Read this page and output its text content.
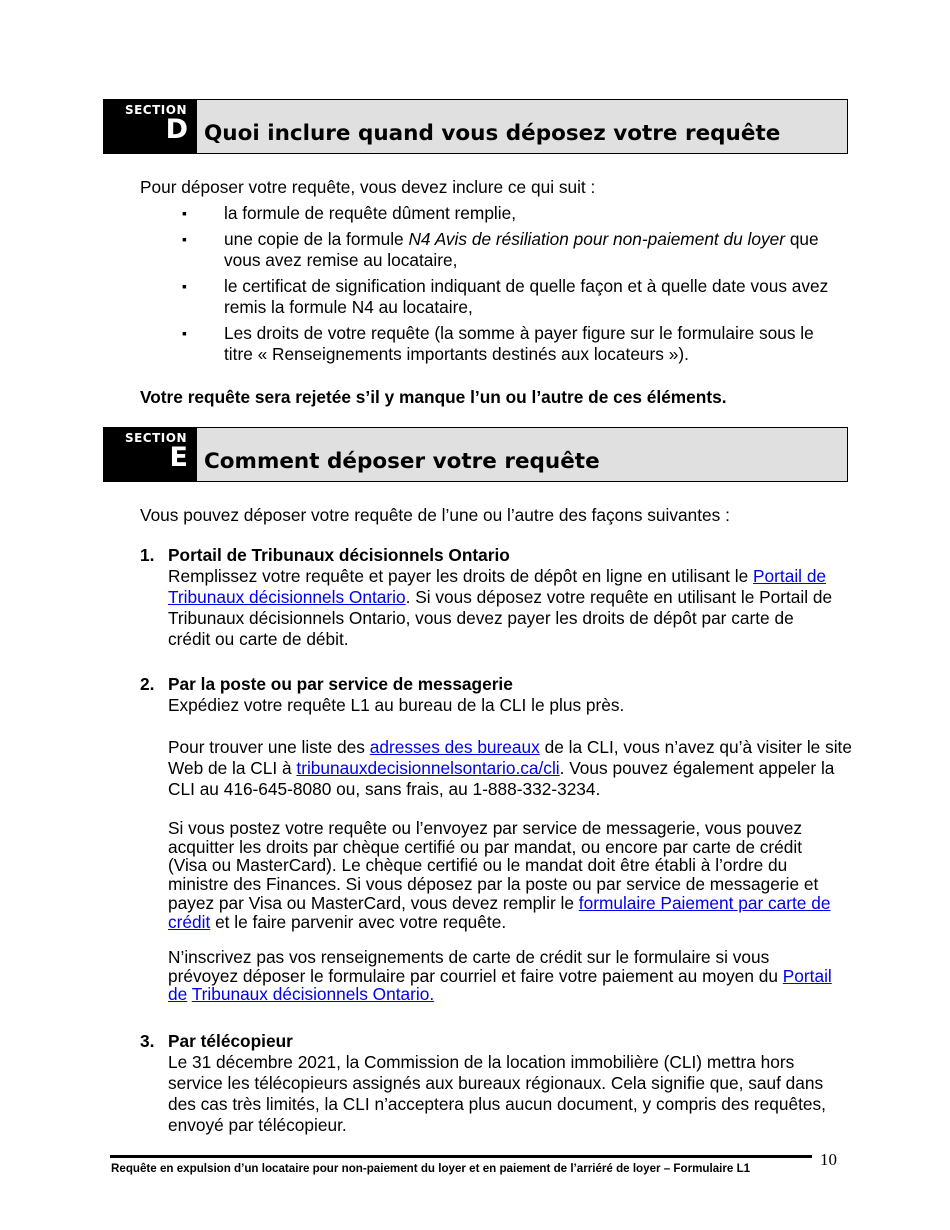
SECTION
D Quoi inclure quand vous déposez votre requête
Pour déposer votre requête, vous devez inclure ce qui suit :
▪ la formule de requête dûment remplie,
▪ une copie de la formule N4 Avis de résiliation pour non-paiement du loyer que vous avez remise au locataire,
▪ le certificat de signification indiquant de quelle façon et à quelle date vous avez remis la formule N4 au locataire,
▪ Les droits de votre requête (la somme à payer figure sur le formulaire sous le titre « Renseignements importants destinés aux locateurs »).
Votre requête sera rejetée s’il y manque l’un ou l’autre de ces éléments.
SECTION
E Comment déposer votre requête
Vous pouvez déposer votre requête de l’une ou l’autre des façons suivantes :
1. Portail de Tribunaux décisionnels Ontario
Remplissez votre requête et payer les droits de dépôt en ligne en utilisant le Portail de Tribunaux décisionnels Ontario. Si vous déposez votre requête en utilisant le Portail de Tribunaux décisionnels Ontario, vous devez payer les droits de dépôt par carte de crédit ou carte de débit.
2. Par la poste ou par service de messagerie
Expédiez votre requête L1 au bureau de la CLI le plus près.
Pour trouver une liste des adresses des bureaux de la CLI, vous n’avez qu’à visiter le site Web de la CLI à tribunauxdecisionnelsontario.ca/cli. Vous pouvez également appeler la CLI au 416-645-8080 ou, sans frais, au 1-888-332-3234.
Si vous postez votre requête ou l’envoyez par service de messagerie, vous pouvez acquitter les droits par chèque certifié ou par mandat, ou encore par carte de crédit (Visa ou MasterCard). Le chèque certifié ou le mandat doit être établi à l’ordre du ministre des Finances. Si vous déposez par la poste ou par service de messagerie et payez par Visa ou MasterCard, vous devez remplir le formulaire Paiement par carte de crédit et le faire parvenir avec votre requête.
N’inscrivez pas vos renseignements de carte de crédit sur le formulaire si vous prévoyez déposer le formulaire par courriel et faire votre paiement au moyen du Portail de Tribunaux décisionnels Ontario.
3. Par télécopieur
Le 31 décembre 2021, la Commission de la location immobilière (CLI) mettra hors service les télécopieurs assignés aux bureaux régionaux. Cela signifie que, sauf dans des cas très limités, la CLI n’acceptera plus aucun document, y compris des requêtes, envoyé par télécopieur.
Requête en expulsion d’un locataire pour non-paiement du loyer et en paiement de l’arriéré de loyer – Formulaire L1	10
